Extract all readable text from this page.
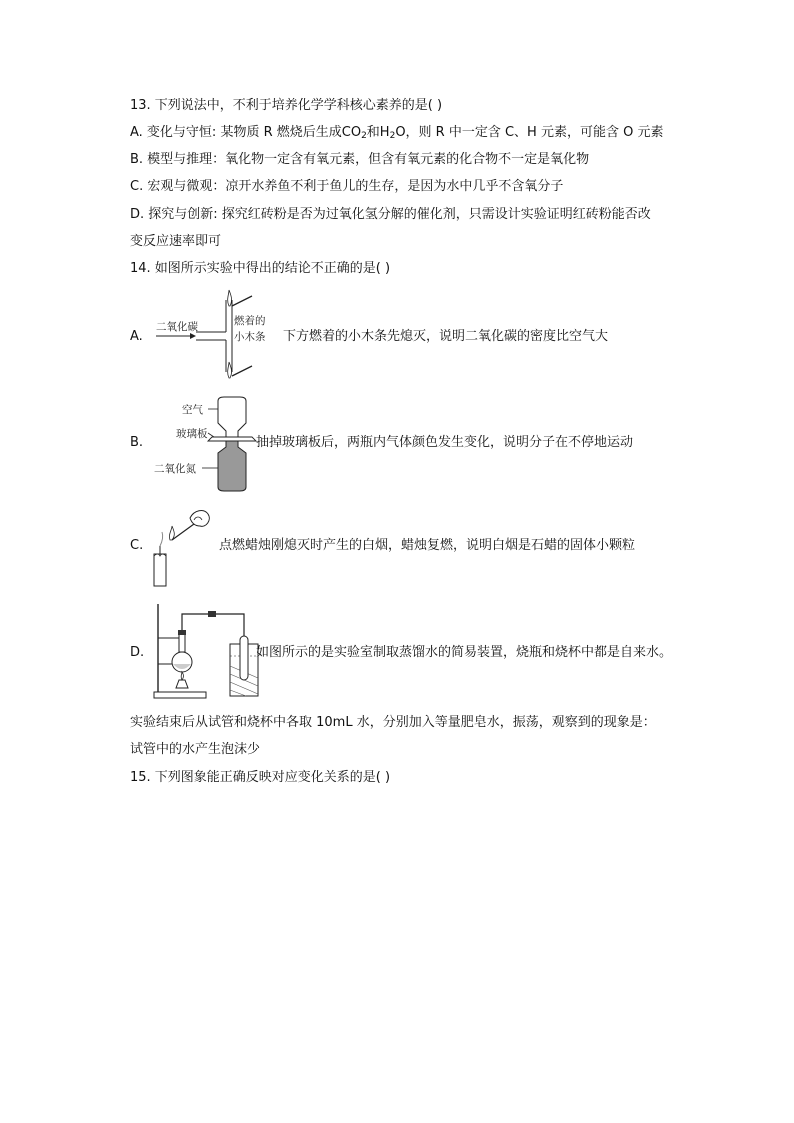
13. 下列说法中，不利于培养化学学科核心素养的是( )
A. 变化与守恒: 某物质 R 燃烧后生成$CO_2$和$H_2O$，则 R 中一定含 C、H 元素，可能含 O 元素
B. 模型与推理：氧化物一定含有氧元素，但含有氧元素的化合物不一定是氧化物
C. 宏观与微观：凉开水养鱼不利于鱼儿的生存，是因为水中几乎不含氧分子
D. 探究与创新: 探究红砖粉是否为过氧化氢分解的催化剂，只需设计实验证明红砖粉能否改
变反应速率即可
14. 如图所示实验中得出的结论不正确的是( )
A.
二氧化碳	燃着的
小木条 下方燃着的小木条先熄灭，说明二氧化碳的密度比空气大
B.
空气
玻璃板
二氧化氮
抽掉玻璃板后，两瓶内气体颜色发生变化，说明分子在不停地运动
C.	点燃蜡烛刚熄灭时产生的白烟，蜡烛复燃，说明白烟是石蜡的固体小颗粒
D.	如图所示的是实验室制取蒸馏水的简易装置，烧瓶和烧杯中都是自来水。
实验结束后从试管和烧杯中各取 10mL 水，分别加入等量肥皂水，振荡，观察到的现象是：
试管中的水产生泡沫少
15. 下列图象能正确反映对应变化关系的是( )
